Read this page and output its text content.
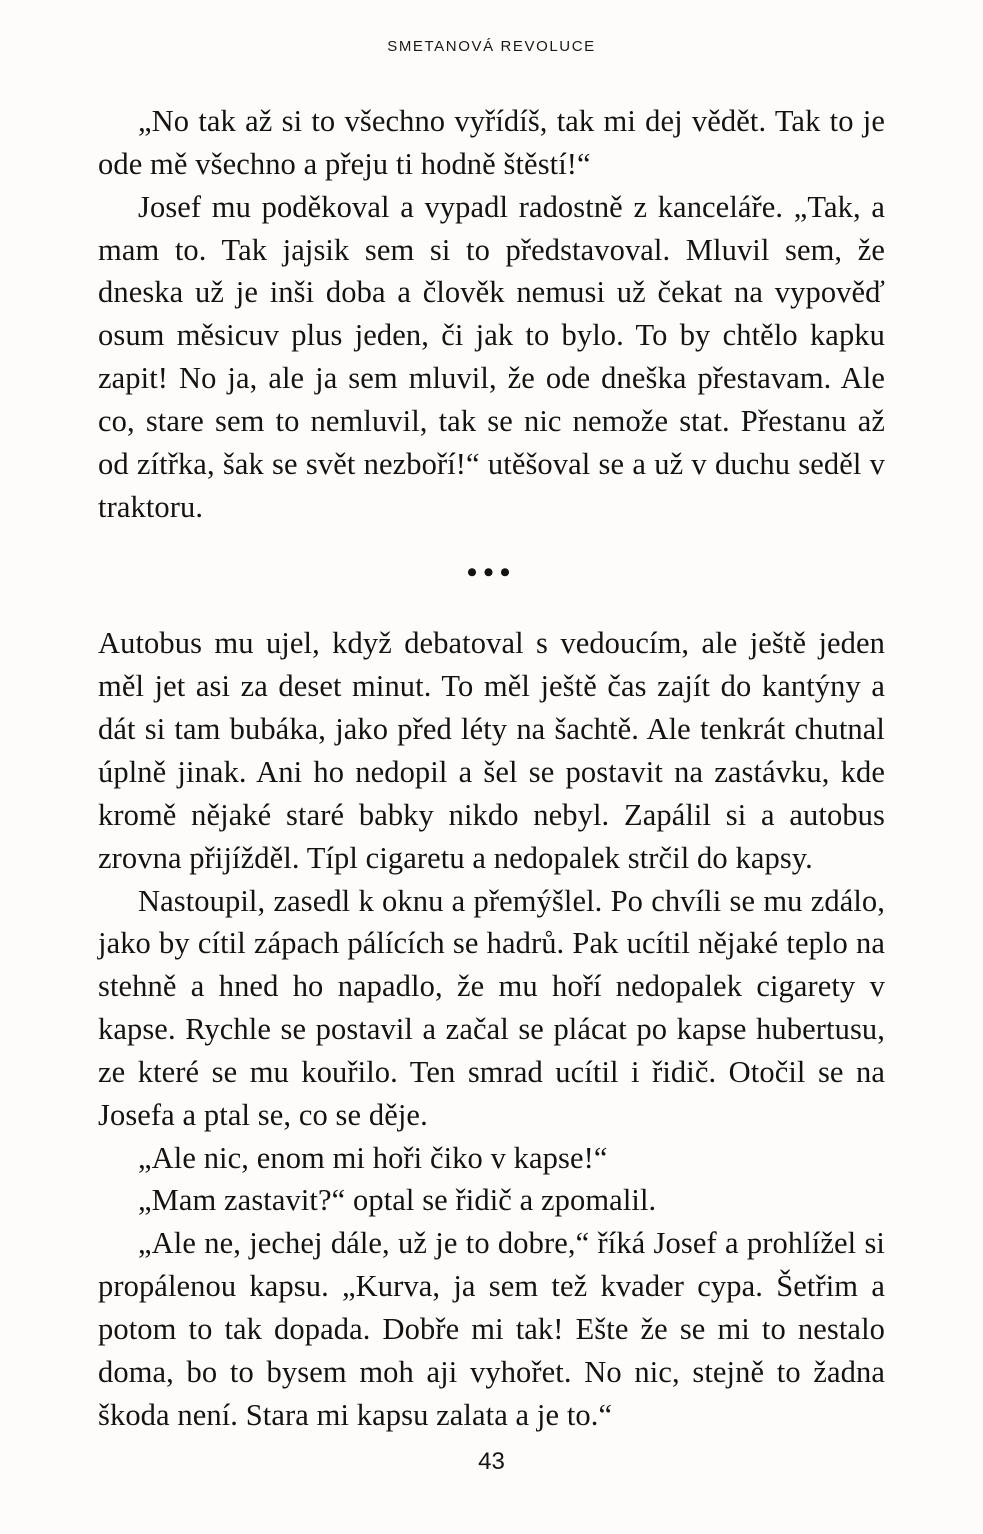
SMETANOVÁ REVOLUCE

„No tak až si to všechno vyřídíš, tak mi dej vědět. Tak to je ode mě všechno a přeju ti hodně štěstí!“

Josef mu poděkoval a vypadl radostně z kanceláře. „Tak, a mam to. Tak jajsik sem si to představoval. Mluvil sem, že dneska už je inši doba a člověk nemusi už čekat na vypověď osum měsicuv plus jeden, či jak to bylo. To by chtělo kapku zapit! No ja, ale ja sem mluvil, že ode dneška přestavam. Ale co, stare sem to nemluvil, tak se nic nemože stat. Přestanu až od zítřka, šak se svět nezboří!“ utěšoval se a už v duchu seděl v traktoru.

•••

Autobus mu ujel, když debatoval s vedoucím, ale ještě jeden měl jet asi za deset minut. To měl ještě čas zajít do kantýny a dát si tam bubáka, jako před léty na šachtě. Ale tenkrát chutnal úplně jinak. Ani ho nedopil a šel se postavit na zastávku, kde kromě nějaké staré babky nikdo nebyl. Zapálil si a autobus zrovna přijížděl. Típl cigaretu a nedopalek strčil do kapsy.

Nastoupil, zasedl k oknu a přemýšlel. Po chvíli se mu zdálo, jako by cítil zápach pálících se hadrů. Pak ucítil nějaké teplo na stehně a hned ho napadlo, že mu hoří nedopalek cigarety v kapse. Rychle se postavil a začal se plácat po kapse hubertusu, ze které se mu kouřilo. Ten smrad ucítil i řidič. Otočil se na Josefa a ptal se, co se děje.

„Ale nic, enom mi hoři čiko v kapse!“

„Mam zastavit?“ optal se řidič a zpomalil.

„Ale ne, jechej dále, už je to dobre,“ říká Josef a prohlížel si propálenou kapsu. „Kurva, ja sem tež kvader cypa. Šetřim a potom to tak dopada. Dobře mi tak! Ešte že se mi to nestalo doma, bo to bysem moh aji vyhořet. No nic, stejně to žadna škoda není. Stara mi kapsu zalata a je to.“

43
